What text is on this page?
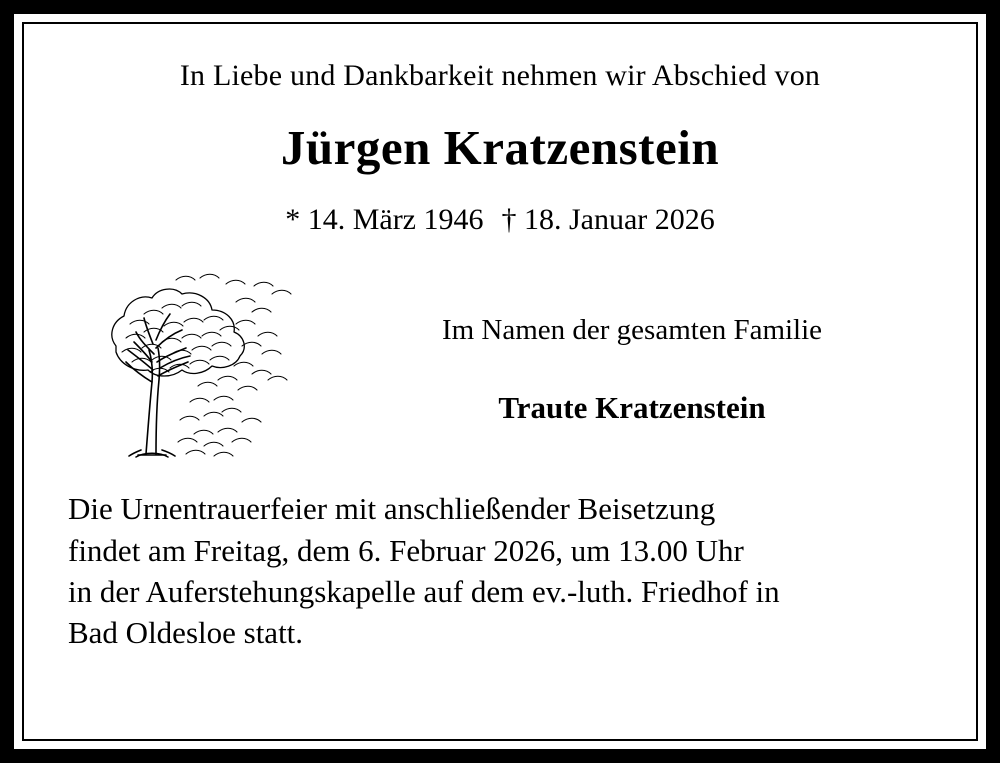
In Liebe und Dankbarkeit nehmen wir Abschied von
Jürgen Kratzenstein
* 14. März 1946 † 18. Januar 2026
Im Namen der gesamten Familie
Traute Kratzenstein
Die Urnentrauerfeier mit anschließender Beisetzung
findet am Freitag, dem 6. Februar 2026, um 13.00 Uhr
in der Auferstehungskapelle auf dem ev.-luth. Friedhof in
Bad Oldesloe statt.
